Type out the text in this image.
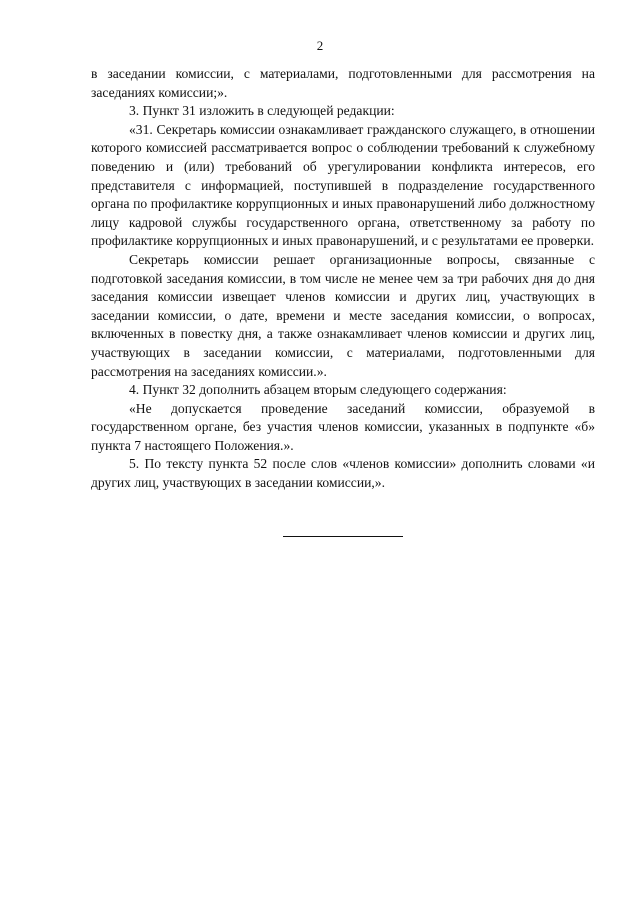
2

в заседании комиссии, с материалами, подготовленными для рассмотрения на заседаниях комиссии;».

3. Пункт 31 изложить в следующей редакции:

«31. Секретарь комиссии ознакамливает гражданского служащего, в отношении которого комиссией рассматривается вопрос о соблюдении требований к служебному поведению и (или) требований об урегулировании конфликта интересов, его представителя с информацией, поступившей в подразделение государственного органа по профилактике коррупционных и иных правонарушений либо должностному лицу кадровой службы государственного органа, ответственному за работу по профилактике коррупционных и иных правонарушений, и с результатами ее проверки.

Секретарь комиссии решает организационные вопросы, связанные с подготовкой заседания комиссии, в том числе не менее чем за три рабочих дня до дня заседания комиссии извещает членов комиссии и других лиц, участвующих в заседании комиссии, о дате, времени и месте заседания комиссии, о вопросах, включенных в повестку дня, а также ознакамливает членов комиссии и других лиц, участвующих в заседании комиссии, с материалами, подготовленными для рассмотрения на заседаниях комиссии.».

4. Пункт 32 дополнить абзацем вторым следующего содержания:

«Не допускается проведение заседаний комиссии, образуемой в государственном органе, без участия членов комиссии, указанных в подпункте «б» пункта 7 настоящего Положения.».

5. По тексту пункта 52 после слов «членов комиссии» дополнить словами «и других лиц, участвующих в заседании комиссии,».
